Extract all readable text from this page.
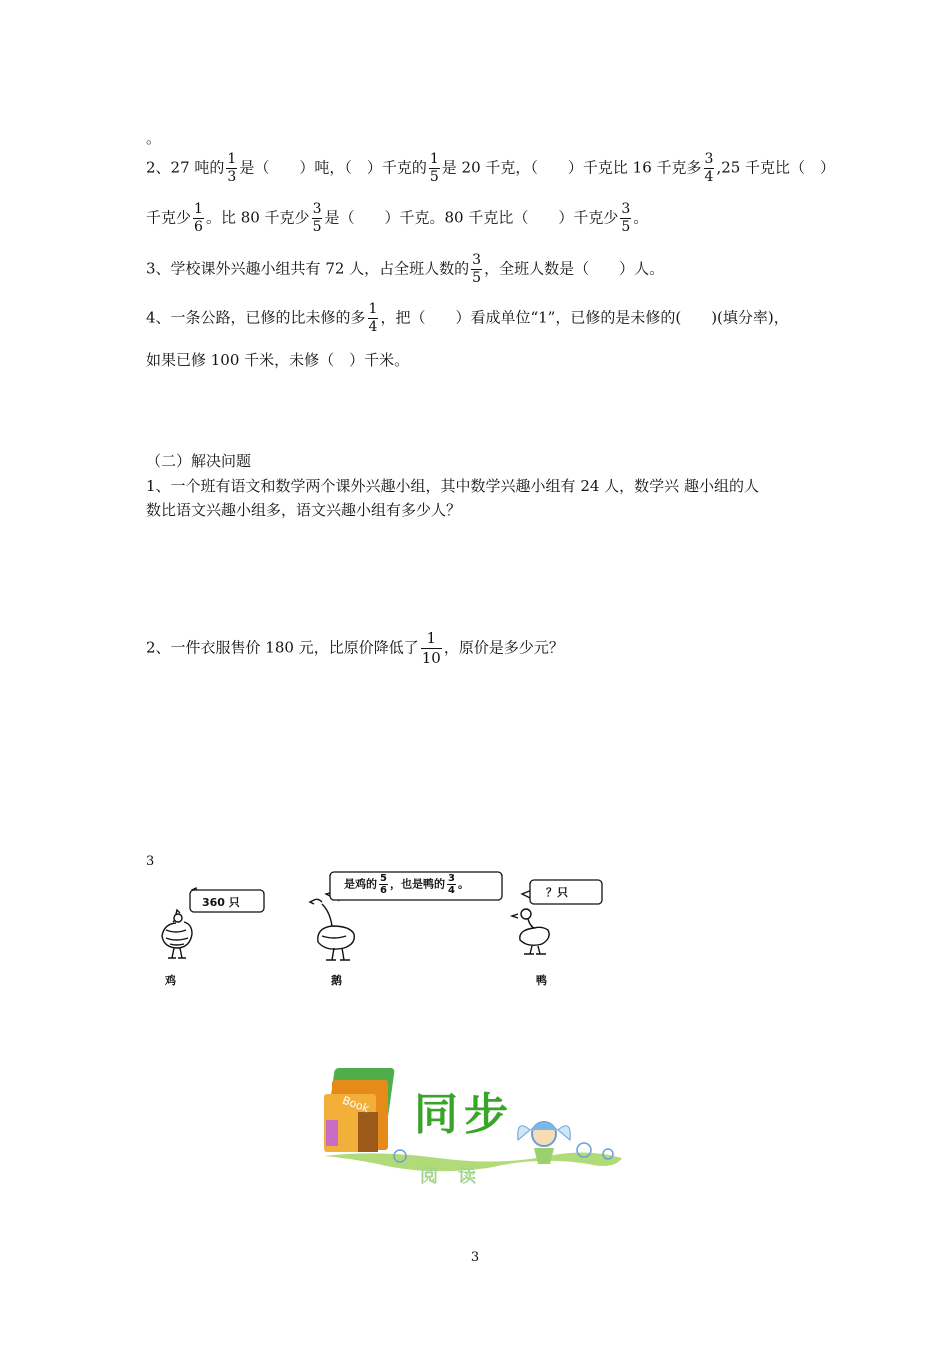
。
2、27 吨的 $\frac{1}{3}$ 是（　　）吨，（　）千克的 $\frac{1}{5}$ 是 20 千克，（　　）千克比 16 千克多 $\frac{3}{4} ,25$ 千克比（　）
千克少 $\frac{1}{6}$ 。比 80 千克少 $\frac{3}{5}$ 是（　　）千克。80 千克比（　　）千克少 $\frac{3}{5}$ 。
3、学校课外兴趣小组共有 72 人，占全班人数的 $\frac{3}{5}$ ，全班人数是（　　）人。
4、一条公路，已修的比未修的多 $\frac{1}{4}$ ，把（　　）看成单位“1”，已修的是未修的(　　)(填分率)，
如果已修 100 千米，未修（　）千米。
（二）解决问题
1、一个班有语文和数学两个课外兴趣小组，其中数学兴趣小组有 24 人，数学兴 趣小组的人
数比语文兴趣小组多，语文兴趣小组有多少人？
2、一件衣服售价 180 元，比原价降低了 $\frac{1}{10}$ ，原价是多少元？
3
360 只
是鸡的 $\frac{5}{6}$ ，也是鸭的 $\frac{3}{4}$ 。
？只
鸡	鹅	鸭
Book 同步
阅读
3
